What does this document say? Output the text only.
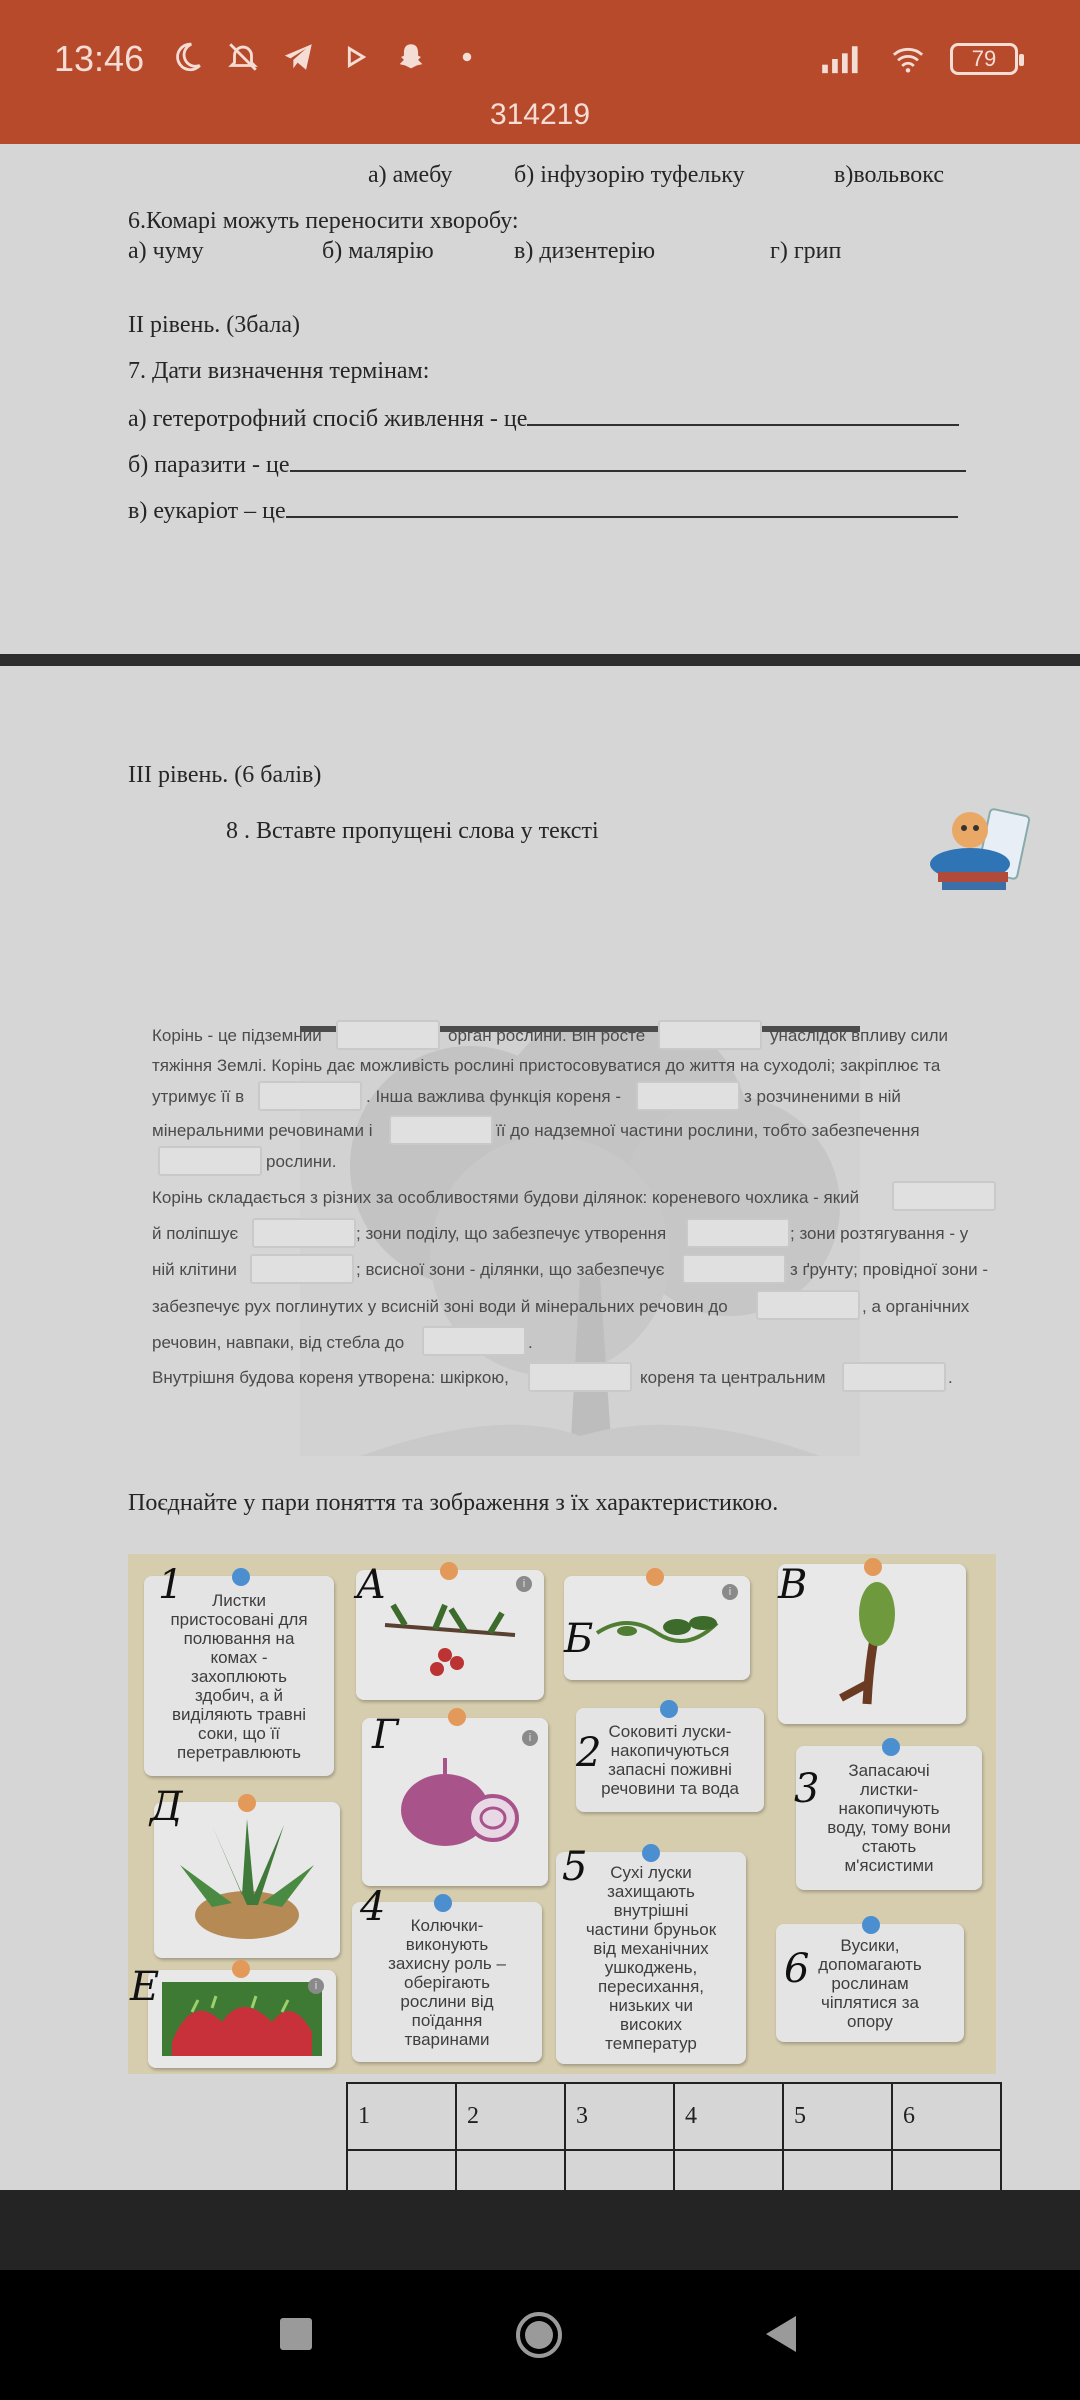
13:46	79
314219
а) амебу	б) інфузорію туфельку	в)вольвокс
6.Комарі можуть переносити хворобу:
а) чуму	б) малярію	в) дизентерію	г) грип
II рівень. (3бала)
7. Дати визначення термінам:
а) гетеротрофний спосіб живлення - це
б) паразити - це
в) еукаріот – це
III рівень. (6 балів)
8 . Вставте пропущені слова у тексті
Корінь - це підземний	орган рослини. Він росте	унаслідок впливу сили
тяжіння Землі. Корінь дає можливість рослині пристосовуватися до життя на суходолі; закріплює та
утримує її в	. Інша важлива функція кореня -	з розчиненими в ній
мінеральними речовинами і	її до надземної частини рослини, тобто забезпечення
рослини.
Корінь складається з різних за особливостями будови ділянок: кореневого чохлика - який
й поліпшує	; зони поділу, що забезпечує утворення	; зони розтягування - у
ній клітини	; всисної зони - ділянки, що забезпечує	з ґрунту; провідної зони -
забезпечує рух поглинутих у всисній зоні води й мінеральних речовин до	, а органічних
речовин, навпаки, від стебла до	.
Внутрішня будова кореня утворена: шкіркою,	кореня та центральним	.
Поєднайте у пари поняття та зображення з їх характеристикою.
Листки
пристосовані для
полювання на
комах -
захоплюють
здобич, а й
виділяють травні
соки, що її
перетравлюють
i
i
i	Соковиті луски-
накопичуються
запасні поживні
речовини та вода
Запасаючі
листки-
накопичують
воду, тому вони
стають
м'ясистими
Сухі луски
захищають
внутрішні
частини бруньок
від механічних
ушкоджень,
пересихання,
низьких чи
високих
температур
Колючки-
виконують
захисну роль –
оберігають
рослини від
поїдання
тваринами
Вусики,
допомагають
рослинам
чіплятися за
опору
i
1	А
Б
В
Г	2
3
Д
5
4
Е	6
1	2	3	4	5	6
